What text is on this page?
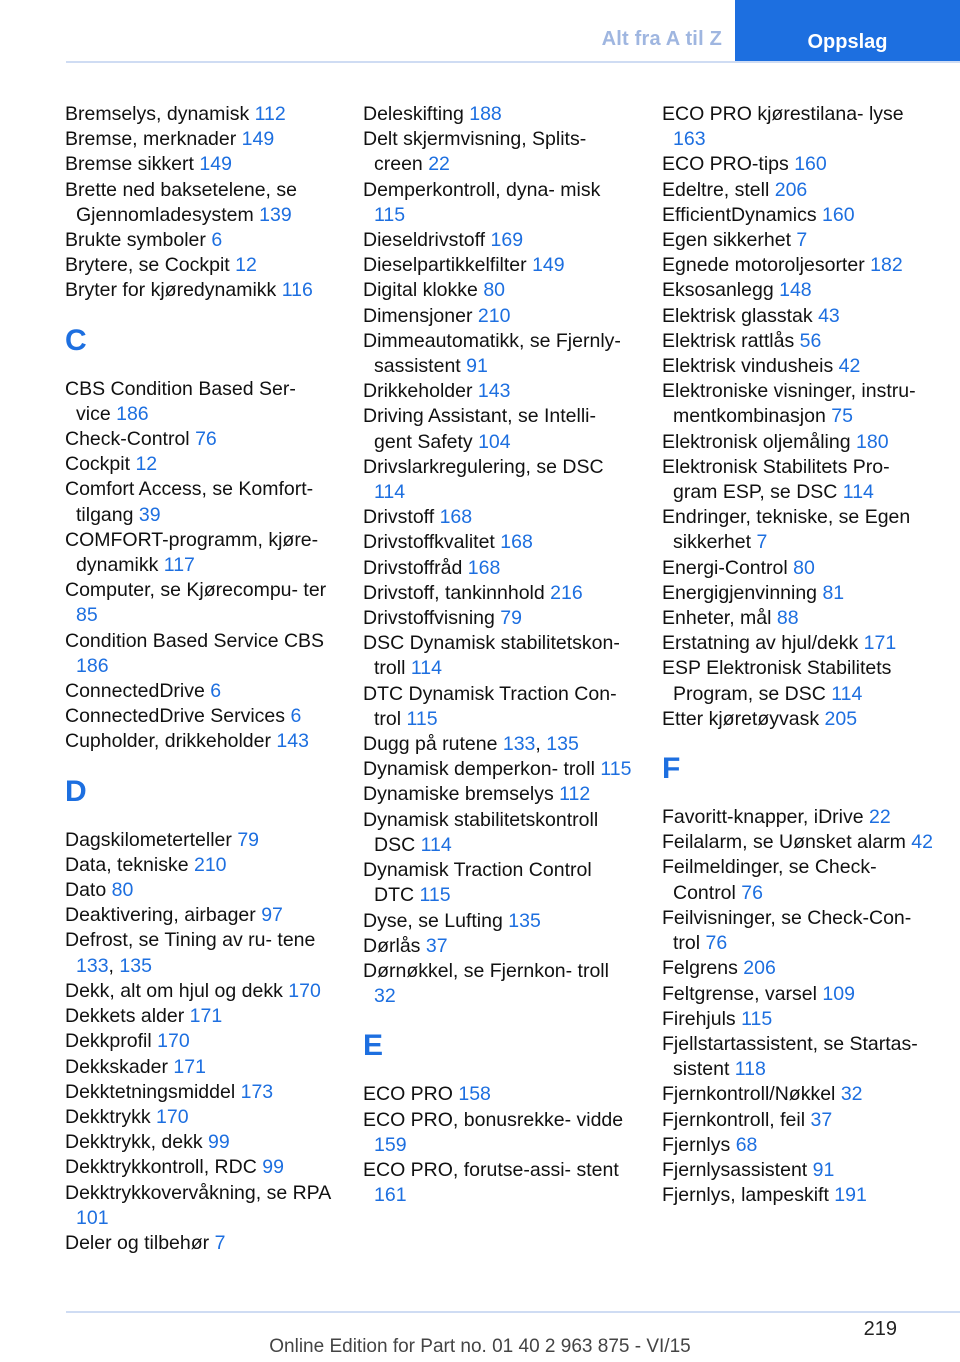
Alt fra A til Z	Oppslag

Bremselys, dynamisk 112

Bremse, merknader 149

Bremse sikkert 149

Brette ned baksetelene, se Gjennomladesystem 139

Brukte symboler 6

Brytere, se Cockpit 12

Bryter for kjøredynamikk 116

C

CBS Condition Based Ser‐ vice 186

Check-Control 76

Cockpit 12

Comfort Access, se Komfort‐ tilgang 39

COMFORT-programm, kjøre‐ dynamikk 117

Computer, se Kjørecompu‐ ter 85

Condition Based Service CBS 186

ConnectedDrive 6

ConnectedDrive Services 6

Cupholder, drikkeholder 143

D

Dagskilometerteller 79

Data, tekniske 210

Dato 80

Deaktivering, airbager 97

Defrost, se Tining av ru‐ tene 133, 135

Dekk, alt om hjul og dekk 170

Dekkets alder 171

Dekkprofil 170

Dekkskader 171

Dekktetningsmiddel 173

Dekktrykk 170

Dekktrykk, dekk 99

Dekktrykkontroll, RDC 99

Dekktrykkovervåkning, se RPA 101

Deler og tilbehør 7

Deleskifting 188

Delt skjermvisning, Splits‐ creen 22

Demperkontroll, dyna‐ misk 115

Dieseldrivstoff 169

Dieselpartikkelfilter 149

Digital klokke 80

Dimensjoner 210

Dimmeautomatikk, se Fjernly‐ sassistent 91

Drikkeholder 143

Driving Assistant, se Intelli‐ gent Safety 104

Drivslarkregulering, se DSC 114

Drivstoff 168

Drivstoffkvalitet 168

Drivstoffråd 168

Drivstoff, tankinnhold 216

Drivstoffvisning 79

DSC Dynamisk stabilitetskon‐ troll 114

DTC Dynamisk Traction Con‐ trol 115

Dugg på rutene 133, 135

Dynamisk demperkon‐ troll 115

Dynamiske bremselys 112

Dynamisk stabilitetskontroll DSC 114

Dynamisk Traction Control DTC 115

Dyse, se Lufting 135

Dørlås 37

Dørnøkkel, se Fjernkon‐ troll 32

E

ECO PRO 158

ECO PRO, bonusrekke‐ vidde 159

ECO PRO, forutse-assi‐ stent 161

ECO PRO kjørestilana‐ lyse 163

ECO PRO-tips 160

Edeltre, stell 206

EfficientDynamics 160

Egen sikkerhet 7

Egnede motoroljesorter 182

Eksosanlegg 148

Elektrisk glasstak 43

Elektrisk rattlås 56

Elektrisk vindusheis 42

Elektroniske visninger, instru‐ mentkombinasjon 75

Elektronisk oljemåling 180

Elektronisk Stabilitets Pro‐ gram ESP, se DSC 114

Endringer, tekniske, se Egen sikkerhet 7

Energi-Control 80

Energigjenvinning 81

Enheter, mål 88

Erstatning av hjul/dekk 171

ESP Elektronisk Stabilitets Program, se DSC 114

Etter kjøretøyvask 205

F

Favoritt-knapper, iDrive 22

Feilalarm, se Uønsket alarm 42

Feilmeldinger, se Check- Control 76

Feilvisninger, se Check-Con‐ trol 76

Felgrens 206

Feltgrense, varsel 109

Firehjuls 115

Fjellstartassistent, se Startas‐ sistent 118

Fjernkontroll/Nøkkel 32

Fjernkontroll, feil 37

Fjernlys 68

Fjernlysassistent 91

Fjernlys, lampeskift 191

219
Online Edition for Part no. 01 40 2 963 875 - VI/15
